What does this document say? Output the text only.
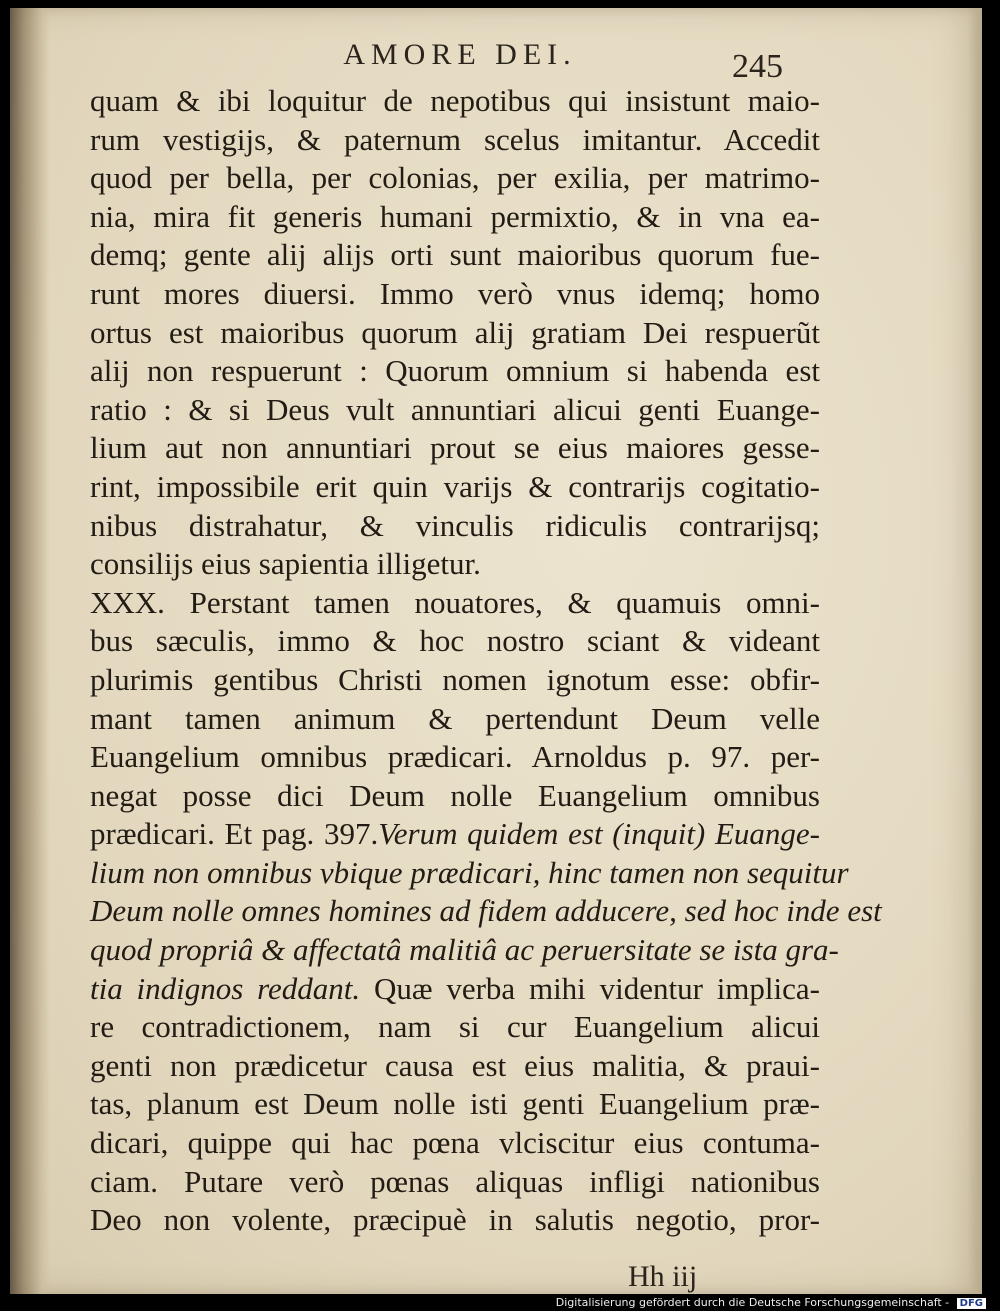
AMORE DEI.	245
quam & ibi loquitur de nepotibus qui insistunt maio-
rum vestigijs, & paternum scelus imitantur. Accedit
quod per bella, per colonias, per exilia, per matrimo-
nia, mira fit generis humani permixtio, & in vna ea-
demq; gente alij alijs orti sunt maioribus quorum fue-
runt mores diuersi. Immo verò vnus idemq; homo
ortus est maioribus quorum alij gratiam Dei respuerũt
alij non respuerunt : Quorum omnium si habenda est
ratio : & si Deus vult annuntiari alicui genti Euange-
lium aut non annuntiari prout se eius maiores gesse-
rint, impossibile erit quin varijs & contrarijs cogitatio-
nibus distrahatur, & vinculis ridiculis contrarijsq;
consilijs eius sapientia illigetur.
XXX. Perstant tamen nouatores, & quamuis omni-
bus sæculis, immo & hoc nostro sciant & videant
plurimis gentibus Christi nomen ignotum esse: obfir-
mant tamen animum & pertendunt Deum velle
Euangelium omnibus prædicari. Arnoldus p. 97. per-
negat posse dici Deum nolle Euangelium omnibus
prædicari. Et pag. 397.Verum quidem est (inquit) Euange-
lium non omnibus vbique prædicari, hinc tamen non sequitur
Deum nolle omnes homines ad fidem adducere, sed hoc inde est
quod propriâ & affectatâ malitiâ ac peruersitate se ista gra-
tia indignos reddant. Quæ verba mihi videntur implica-
re contradictionem, nam si cur Euangelium alicui
genti non prædicetur causa est eius malitia, & praui-
tas, planum est Deum nolle isti genti Euangelium præ-
dicari, quippe qui hac pœna vlciscitur eius contuma-
ciam. Putare verò pœnas aliquas infligi nationibus
Deo non volente, præcipuè in salutis negotio, pror-
Hh iij
Digitalisierung gefördert durch die Deutsche Forschungsgemeinschaft - DFG
